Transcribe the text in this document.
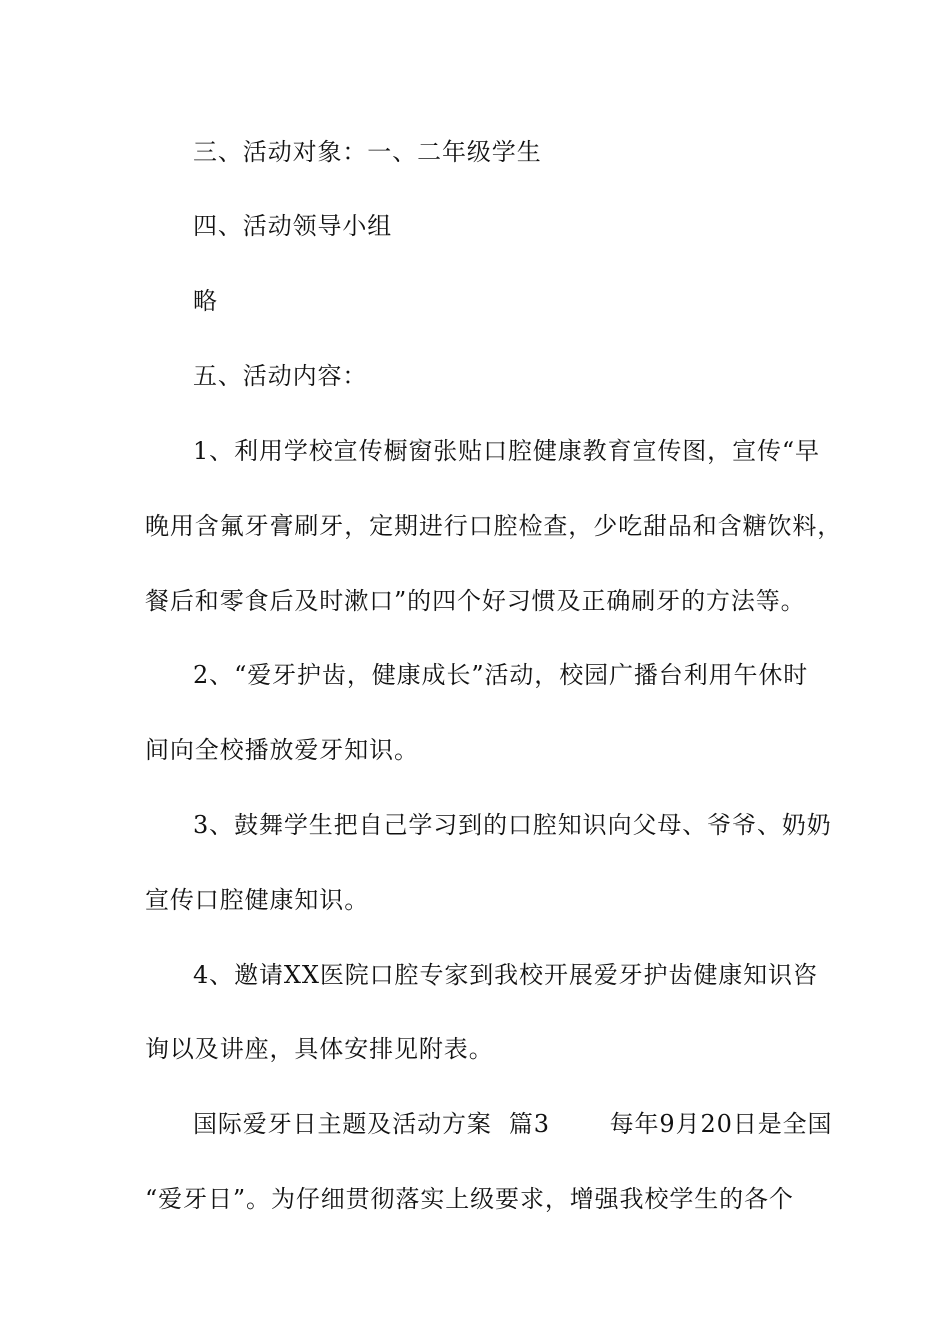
三、活动对象：一、二年级学生
四、活动领导小组
略
五、活动内容：
1、利用学校宣传橱窗张贴口腔健康教育宣传图，宣传“早
晚用含氟牙膏刷牙，定期进行口腔检查，少吃甜品和含糖饮料，
餐后和零食后及时漱口”的四个好习惯及正确刷牙的方法等。
2、“爱牙护齿，健康成长”活动，校园广播台利用午休时
间向全校播放爱牙知识。
3、鼓舞学生把自己学习到的口腔知识向父母、爷爷、奶奶
宣传口腔健康知识。
4、邀请XX医院口腔专家到我校开展爱牙护齿健康知识咨
询以及讲座，具体安排见附表。
国际爱牙日主题及活动方案  篇3       每年9月20日是全国
“爱牙日”。为仔细贯彻落实上级要求，增强我校学生的各个
